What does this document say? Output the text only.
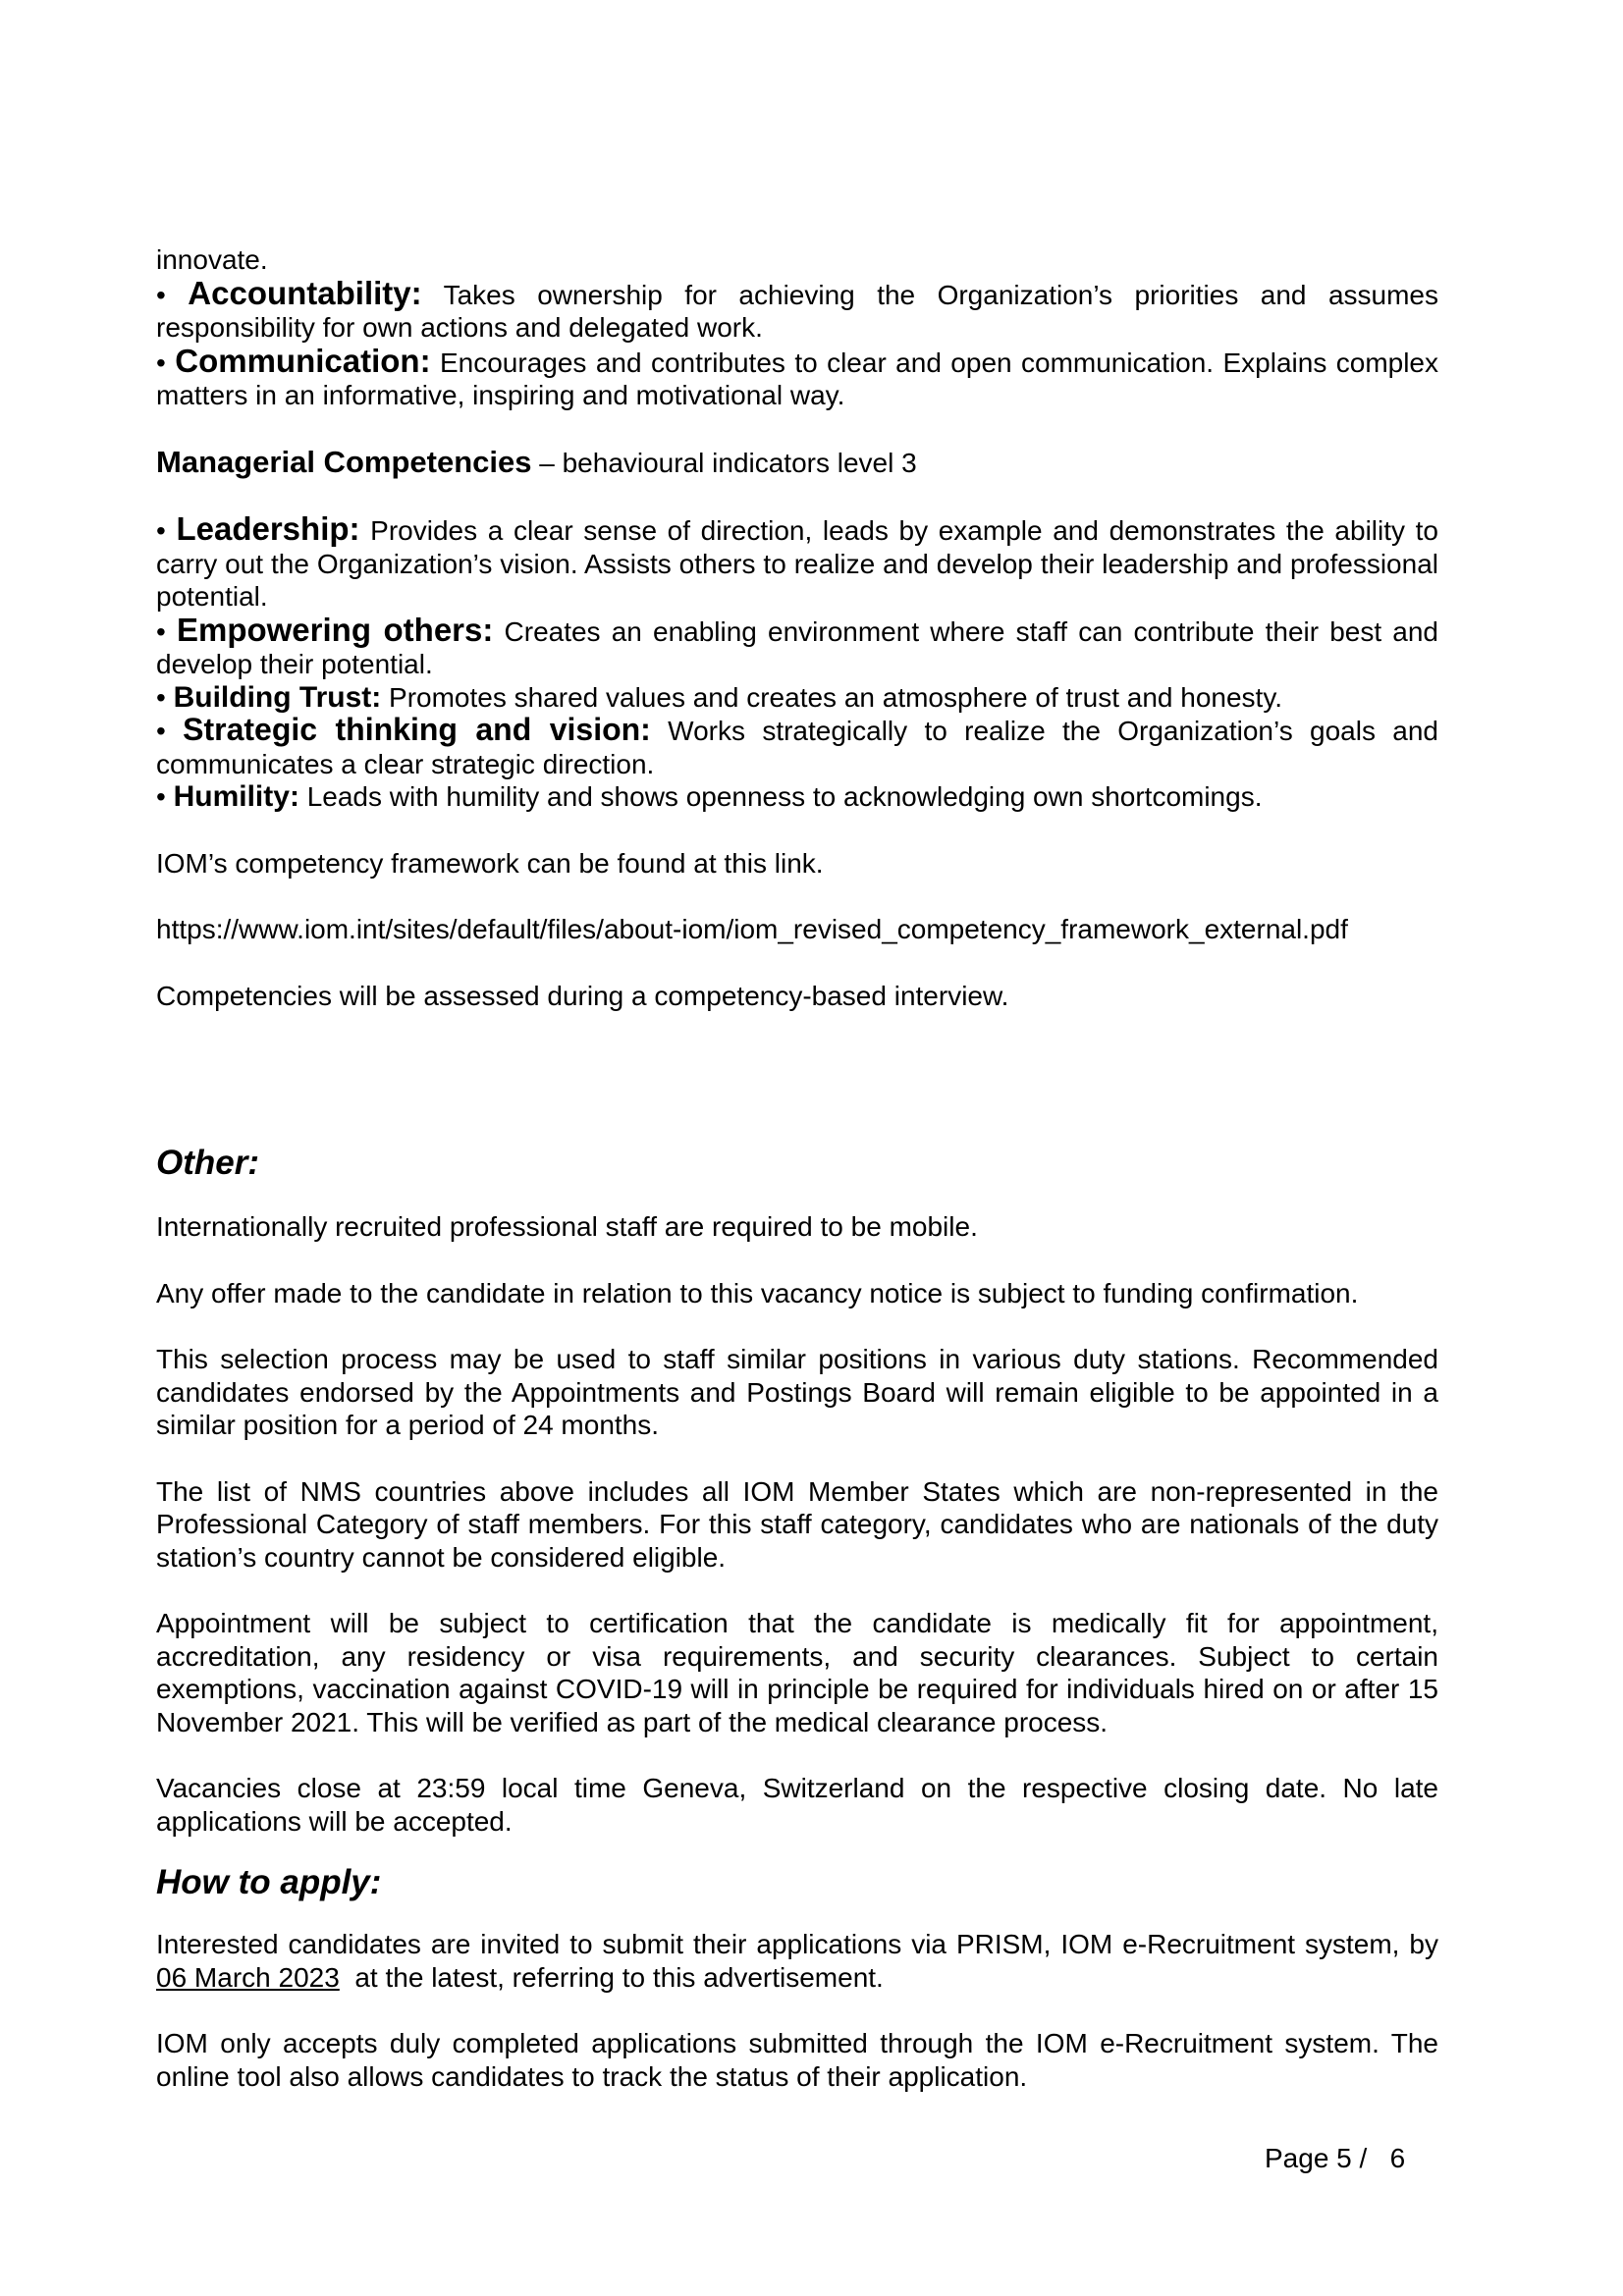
innovate.

• Accountability: Takes ownership for achieving the Organization’s priorities and assumes responsibility for own actions and delegated work.

• Communication: Encourages and contributes to clear and open communication. Explains complex matters in an informative, inspiring and motivational way.

Managerial Competencies – behavioural indicators level 3

• Leadership: Provides a clear sense of direction, leads by example and demonstrates the ability to carry out the Organization’s vision. Assists others to realize and develop their leadership and professional potential.

• Empowering others: Creates an enabling environment where staff can contribute their best and develop their potential.

• Building Trust: Promotes shared values and creates an atmosphere of trust and honesty.

• Strategic thinking and vision: Works strategically to realize the Organization’s goals and communicates a clear strategic direction.

• Humility: Leads with humility and shows openness to acknowledging own shortcomings.

IOM’s competency framework can be found at this link.

https://www.iom.int/sites/default/files/about-iom/iom_revised_competency_framework_external.pdf

Competencies will be assessed during a competency-based interview.

Other:

Internationally recruited professional staff are required to be mobile.

Any offer made to the candidate in relation to this vacancy notice is subject to funding confirmation.

This selection process may be used to staff similar positions in various duty stations. Recommended candidates endorsed by the Appointments and Postings Board will remain eligible to be appointed in a similar position for a period of 24 months.

The list of NMS countries above includes all IOM Member States which are non-represented in the Professional Category of staff members. For this staff category, candidates who are nationals of the duty station’s country cannot be considered eligible.

Appointment will be subject to certification that the candidate is medically fit for appointment, accreditation, any residency or visa requirements, and security clearances. Subject to certain exemptions, vaccination against COVID-19 will in principle be required for individuals hired on or after 15 November 2021. This will be verified as part of the medical clearance process.

Vacancies close at 23:59 local time Geneva, Switzerland on the respective closing date. No late applications will be accepted.

How to apply:

Interested candidates are invited to submit their applications via PRISM, IOM e-Recruitment system, by 06 March 2023  at the latest, referring to this advertisement.

IOM only accepts duly completed applications submitted through the IOM e-Recruitment system. The online tool also allows candidates to track the status of their application.

Page 5 / 6
